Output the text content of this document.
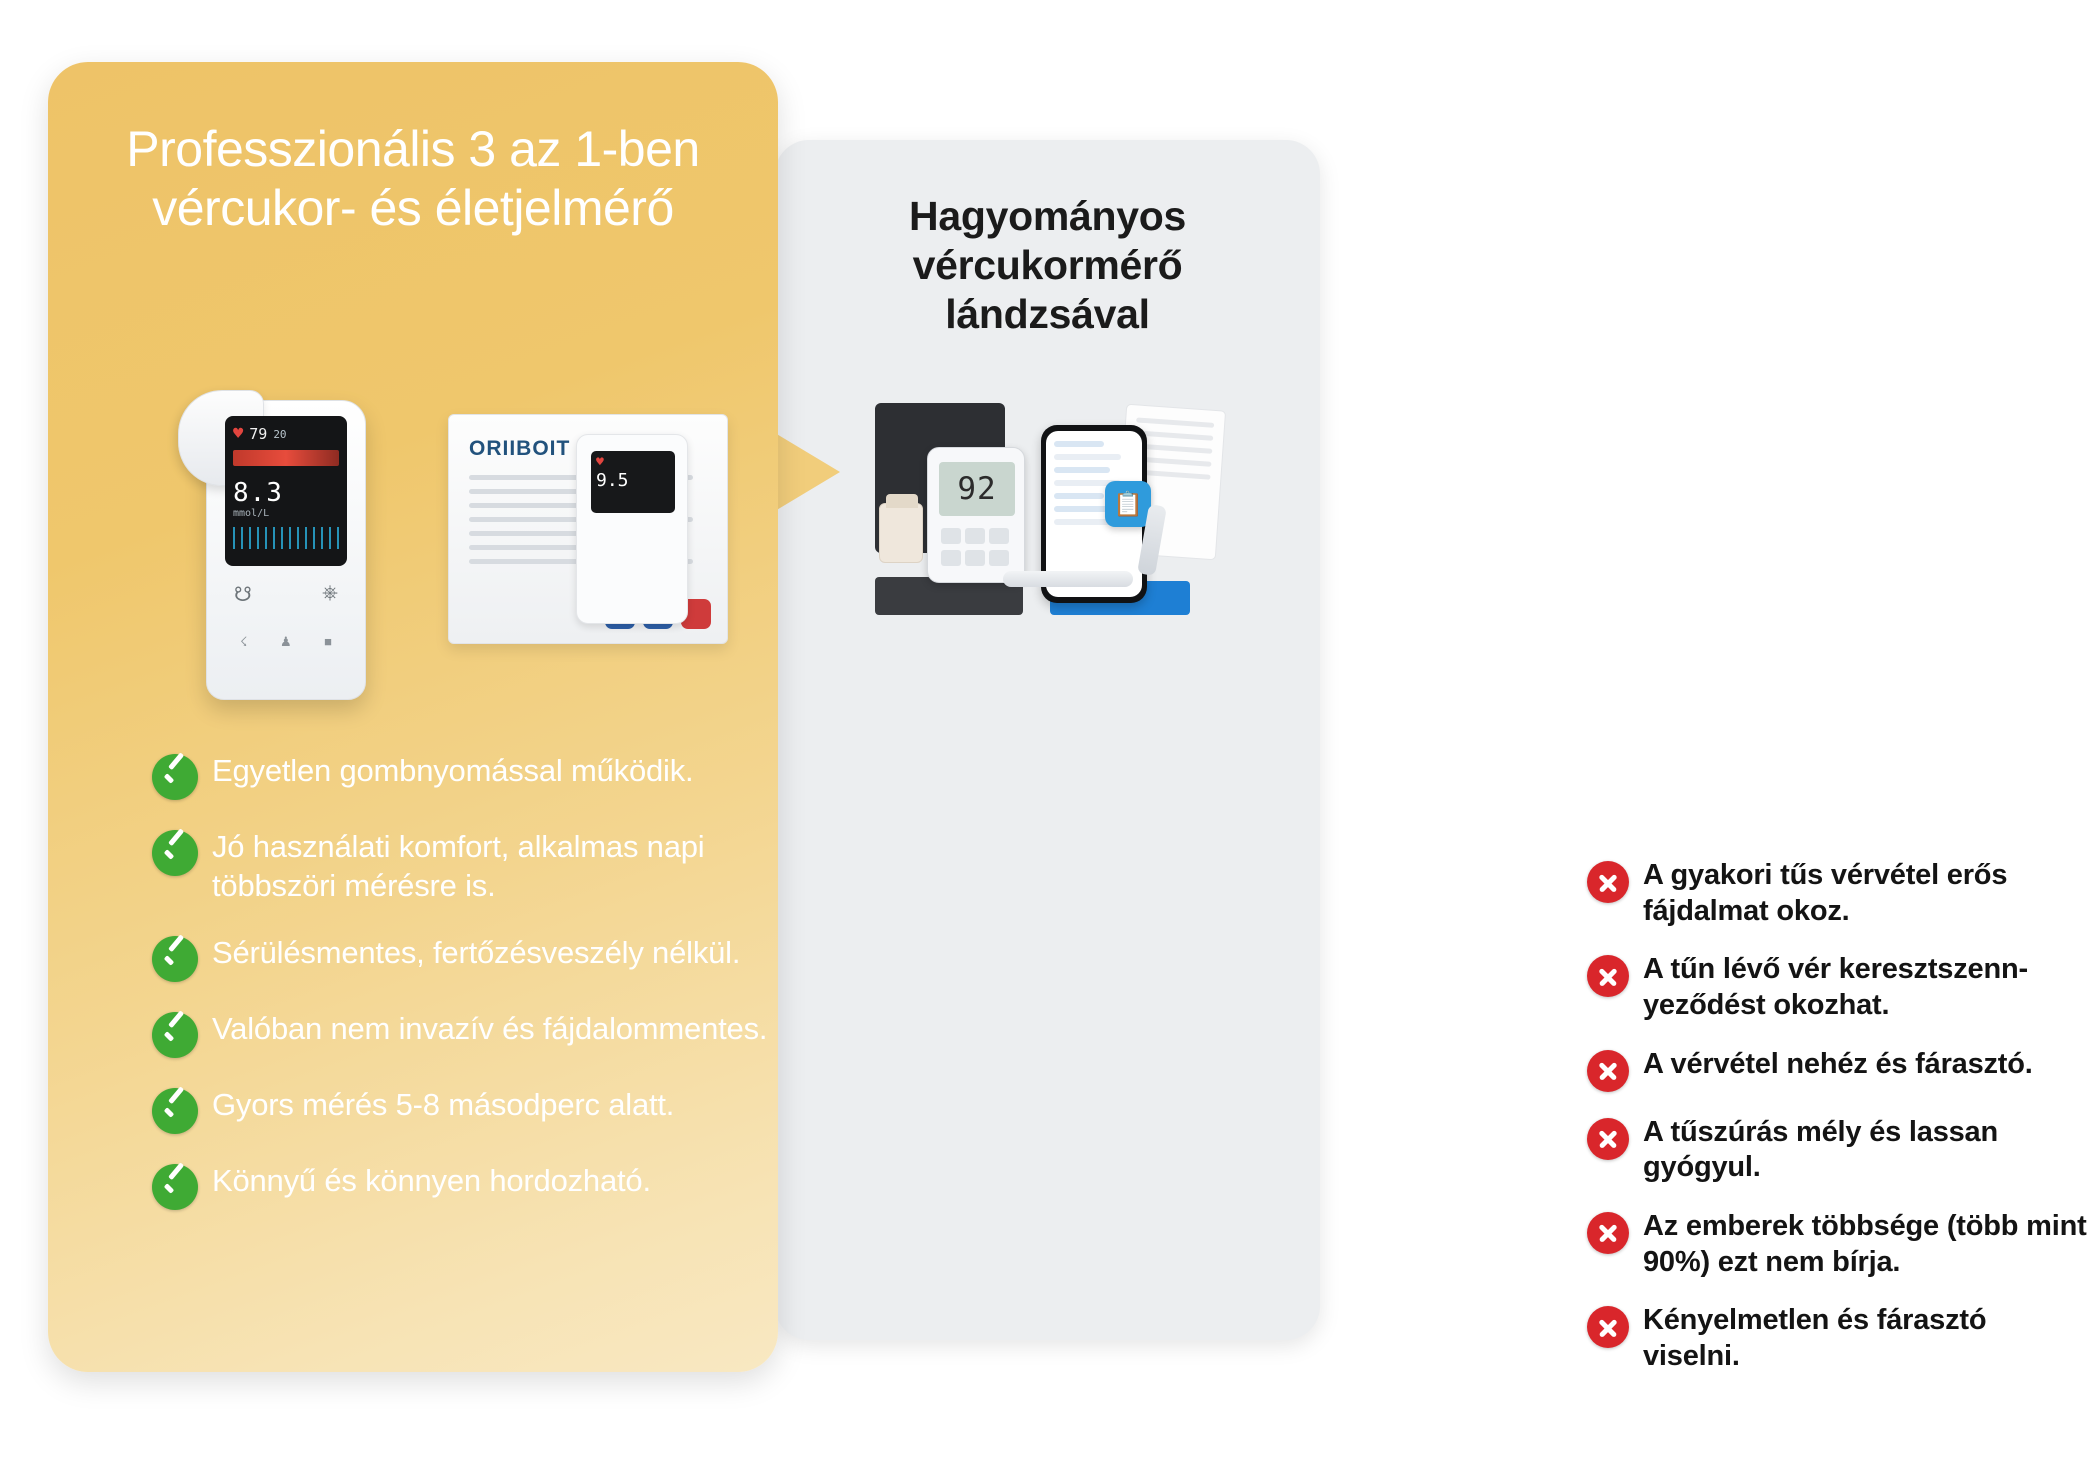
Hagyományos vércukormérő lándzsával
92	📋
A gyakori tűs vérvétel erős fájdalmat okoz.
A tűn lévő vér keresztszenn-yeződést okozhat.
A vérvétel nehéz és fárasztó.
A tűszúrás mély és lassan gyógyul.
Az emberek többsége (több mint 90%) ezt nem bírja.
Kényelmetlen és fárasztó viselni.
Professzionális 3 az 1-ben vércukor- és életjelmérő
ORIIBOIT
♥
9.5
♥ 79 20
8.3
mmol/L
☋	⎈
☇	♟	■
Egyetlen gombnyomással működik.
Jó használati komfort, alkalmas napi többszöri mérésre is.
Sérülésmentes, fertőzésveszély nélkül.
Valóban nem invazív és fájdalommentes.
Gyors mérés 5-8 másodperc alatt.
Könnyű és könnyen hordozható.
